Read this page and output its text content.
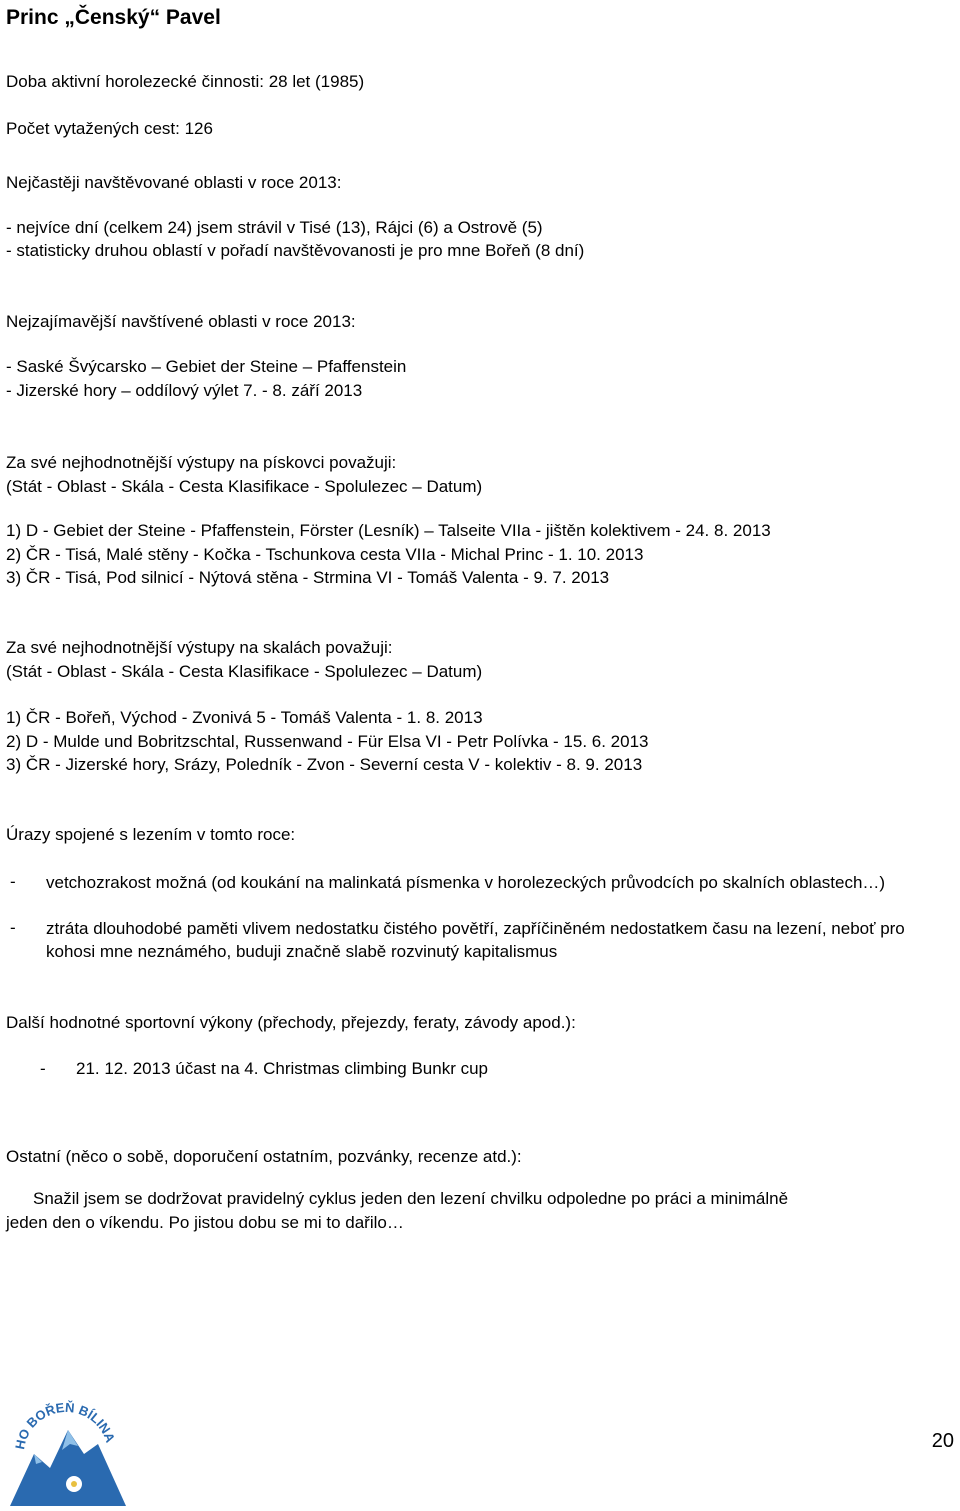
Princ „Čenský“ Pavel
Doba aktivní horolezecké činnosti: 28 let (1985)
Počet vytažených cest: 126
Nejčastěji navštěvované oblasti v roce 2013:
- nejvíce dní (celkem 24) jsem strávil v Tisé (13), Rájci (6) a Ostrově (5)
- statisticky druhou oblastí v pořadí navštěvovanosti je pro mne Bořeň (8 dní)
Nejzajímavější navštívené oblasti v roce 2013:
- Saské Švýcarsko – Gebiet der Steine – Pfaffenstein
- Jizerské hory – oddílový výlet 7. - 8. září 2013
Za své nejhodnotnější výstupy na pískovci považuji:
(Stát - Oblast - Skála - Cesta Klasifikace - Spolulezec – Datum)
1) D - Gebiet der Steine - Pfaffenstein, Förster (Lesník) – Talseite VIIa - jištěn kolektivem - 24. 8. 2013
2) ČR - Tisá, Malé stěny - Kočka - Tschunkova cesta VIIa - Michal Princ - 1. 10. 2013
3) ČR - Tisá, Pod silnicí - Nýtová stěna - Strmina VI - Tomáš Valenta - 9. 7. 2013
Za své nejhodnotnější výstupy na skalách považuji:
(Stát - Oblast - Skála - Cesta Klasifikace - Spolulezec – Datum)
1) ČR - Bořeň, Východ - Zvonivá 5 - Tomáš Valenta - 1. 8. 2013
2) D - Mulde und Bobritzschtal, Russenwand - Für Elsa VI - Petr Polívka - 15. 6. 2013
3) ČR - Jizerské hory, Srázy, Poledník - Zvon - Severní cesta V - kolektiv - 8. 9. 2013
Úrazy spojené s lezením v tomto roce:
- vetchozrakost možná (od koukání na malinkatá písmenka v horolezeckých průvodcích po skalních oblastech…)
- ztráta dlouhodobé paměti vlivem nedostatku čistého povětří, zapříčiněném nedostatkem času na lezení, neboť pro kohosi mne neznámého, buduji značně slabě rozvinutý kapitalismus
Další hodnotné sportovní výkony (přechody, přejezdy, feraty, závody apod.):
- 21. 12. 2013 účast na 4. Christmas climbing Bunkr cup
Ostatní (něco o sobě, doporučení ostatním, pozvánky, recenze atd.):
Snažil jsem se dodržovat pravidelný cyklus jeden den lezení chvilku odpoledne po práci a minimálně
jeden den o víkendu. Po jistou dobu se mi to dařilo…
HO BOŘEŇ BÍLINA	20
